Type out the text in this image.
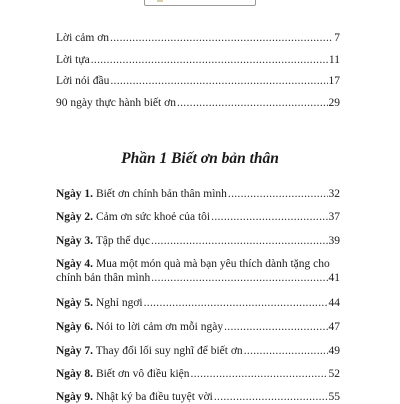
Lời cảm ơn .....	7
Lời tựa .....	11
Lời nói đầu .....	17
90 ngày thực hành biết ơn .....	29
Phần 1 Biết ơn bản thân
Ngày 1. Biết ơn chính bản thân mình .....	32
Ngày 2. Cảm ơn sức khoẻ của tôi .....	37
Ngày 3. Tập thể dục .....	39
Ngày 4. Mua một món quà mà bạn yêu thích dành tặng cho
chính bản thân mình .....	41
Ngày 5. Nghỉ ngơi .....	44
Ngày 6. Nói to lời cảm ơn mỗi ngày .....	47
Ngày 7. Thay đổi lối suy nghĩ để biết ơn .....	49
Ngày 8. Biết ơn vô điều kiện .....	52
Ngày 9. Nhật ký ba điều tuyệt vời .....	55
